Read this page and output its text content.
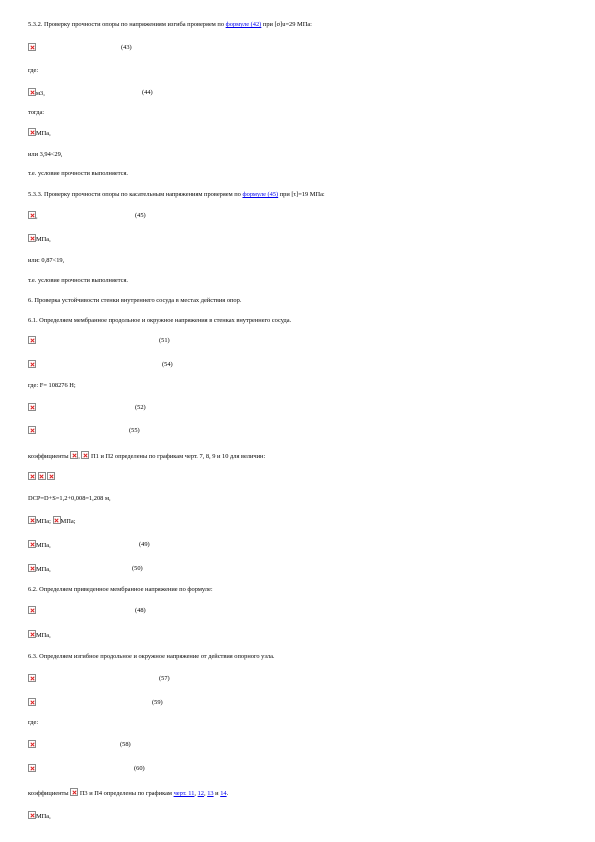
5.3.2. Проверку прочности опоры по напряжениям изгиба проверяем по формуле (42) при [σ]u=29 МПа:
(43)
где:
м3,	(44)
тогда:
МПа,
или 3,94<29,
т.е. условие прочности выполняется.
5.3.3. Проверку прочности опоры по касательным напряжениям проверяем по формуле (45) при [τ]=19 МПа:
,	(45)
МПа,
или: 0,87<19,
т.е. условие прочности выполняется.
6. Проверка устойчивости стенки внутреннего сосуда в местах действия опор.
6.1. Определяем мембранное продольное и окружное напряжения в стенках внутреннего сосуда.
(51)
(54)
где: F= 108276 Н;
(52)
(55)
коэффициенты ,  П1 и П2 определены по графикам черт. 7, 8, 9 и 10 для величин:

DCP=D+S=1,2+0,008=1,208 м,
МПа; МПа;
МПа,	(49)
МПа,	(50)
6.2. Определяем приведенное мембранное напряжение по формуле:
(48)
МПа,
6.3. Определяем изгибное продольное и окружное напряжение от действия опорного узла.
(57)
(59)
где:
(58)
(60)
коэффициенты  П3 и П4 определены по графикам черт. 11, 12, 13 и 14.
МПа,
